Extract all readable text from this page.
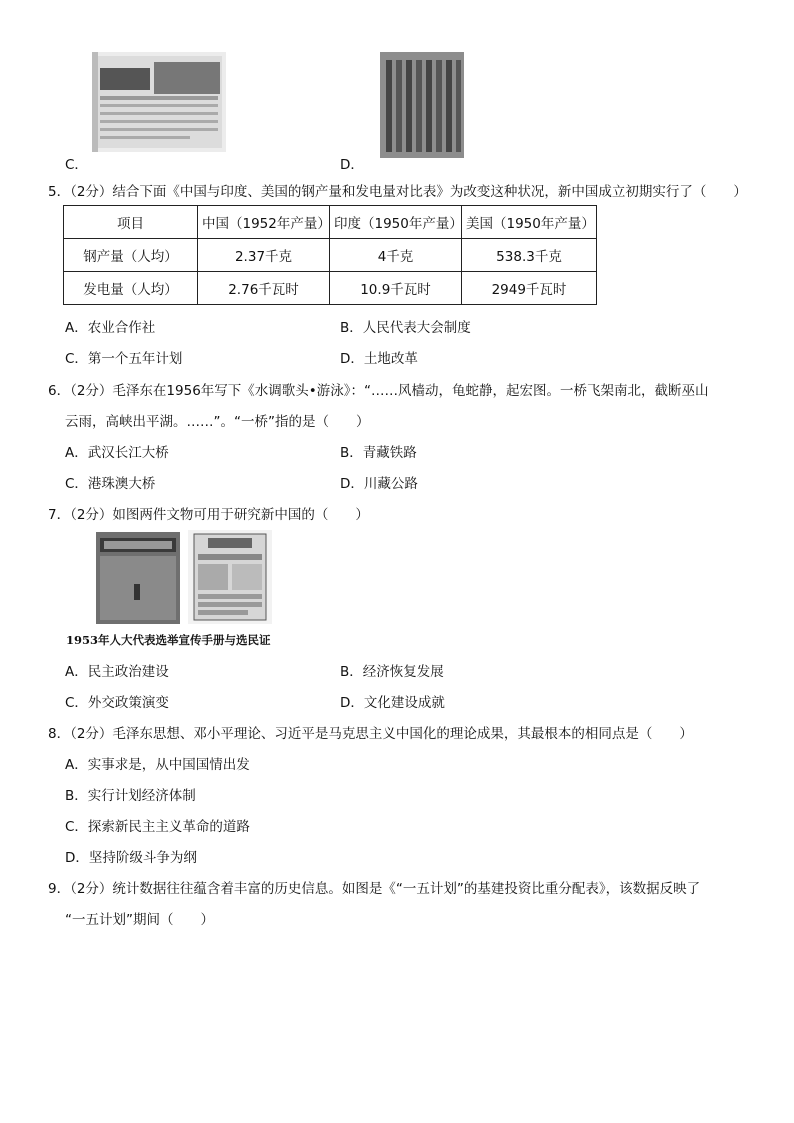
C．	D．
5．（2分）结合下面《中国与印度、美国的钢产量和发电量对比表》为改变这种状况，新中国成立初期实行了（　　）
项目	中国（1952年产量）	印度（1950年产量）	美国（1950年产量）
钢产量（人均）	2.37千克	4千克	538.3千克
发电量（人均）	2.76千瓦时	10.9千瓦时	2949千瓦时
A．农业合作社	B．人民代表大会制度
C．第一个五年计划	D．土地改革
6．（2分）毛泽东在1956年写下《水调歌头•游泳》：“……风樯动，龟蛇静，起宏图。一桥飞架南北，截断巫山
云雨，高峡出平湖。……”。“一桥”指的是（　　）
A．武汉长江大桥	B．青藏铁路
C．港珠澳大桥	D．川藏公路
7．（2分）如图两件文物可用于研究新中国的（　　）
1953年人大代表选举宣传手册与选民证
A．民主政治建设	B．经济恢复发展
C．外交政策演变	D．文化建设成就
8．（2分）毛泽东思想、邓小平理论、习近平是马克思主义中国化的理论成果，其最根本的相同点是（　　）
A．实事求是，从中国国情出发
B．实行计划经济体制
C．探索新民主主义革命的道路
D．坚持阶级斗争为纲
9．（2分）统计数据往往蕴含着丰富的历史信息。如图是《“一五计划”的基建投资比重分配表》，该数据反映了
“一五计划”期间（　　）
